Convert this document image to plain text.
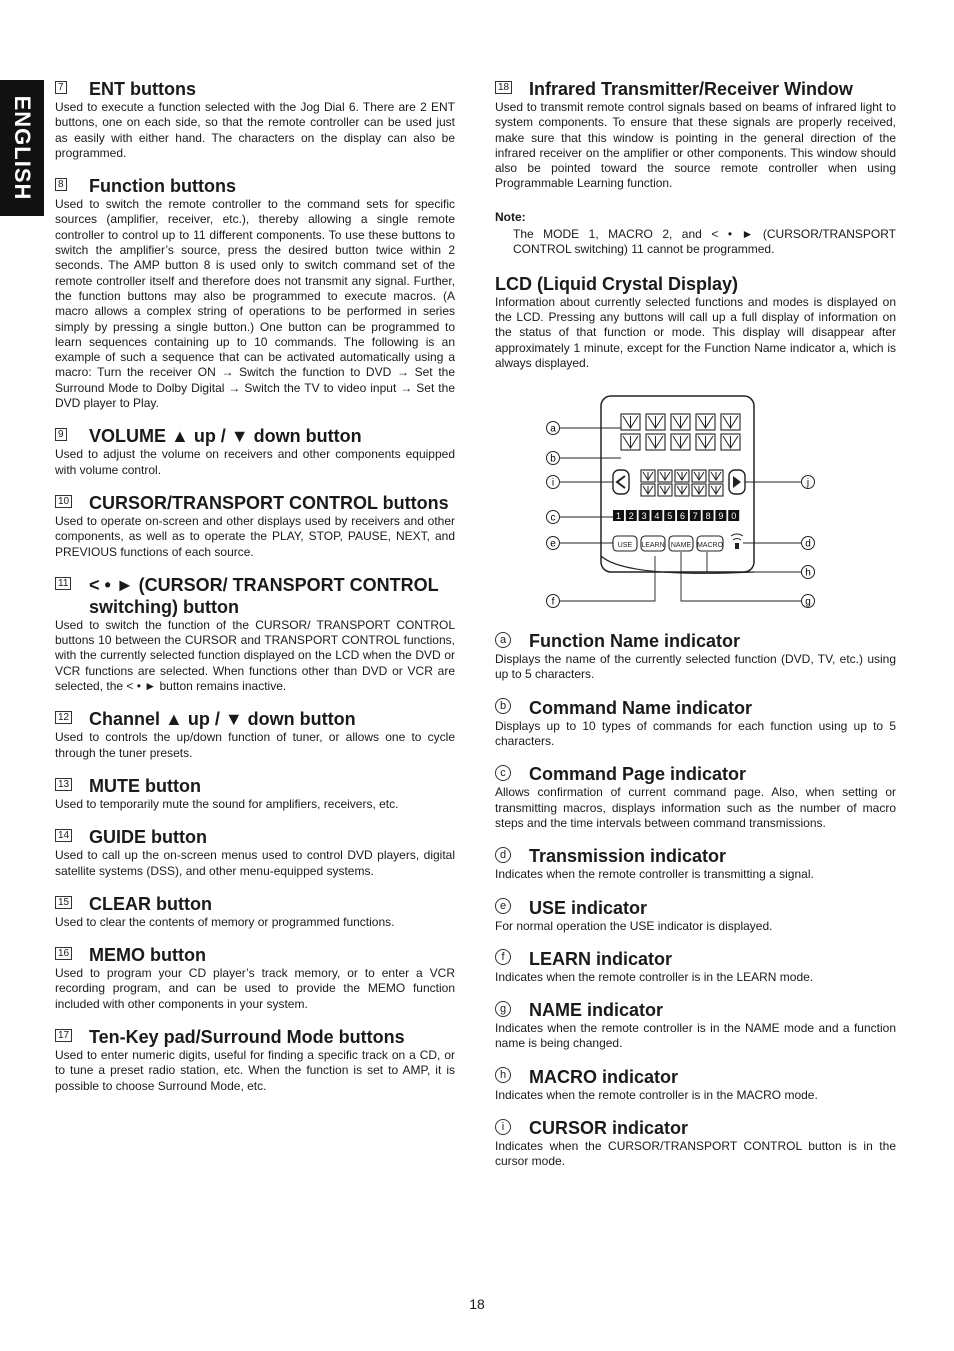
ENGLISH
7	ENT buttons

Used to execute a function selected with the Jog Dial 6. There are 2 ENT buttons, one on each side, so that the remote controller can be used just as easily with either hand. The characters on the display can also be programmed.

8	Function buttons

Used to switch the remote controller to the command sets for specific sources (amplifier, receiver, etc.), thereby allowing a single remote controller to control up to 11 different components. To use these buttons to switch the amplifier’s source, press the desired button twice within 2 seconds. The AMP button 8 is used only to switch command set of the remote controller itself and therefore does not transmit any signal. Further, the function buttons may also be programmed to execute macros. (A macro allows a complex string of operations to be performed in series simply by pressing a single button.) One button can be programmed to learn sequences containing up to 10 commands. The following is an example of such a sequence that can be activated automatically using a macro: Turn the receiver ON → Switch the function to DVD → Set the Surround Mode to Dolby Digital → Switch the TV to video input → Set the DVD player to Play.

9	VOLUME ▲ up / ▼ down button

Used to adjust the volume on receivers and other components equipped with volume control.

10	CURSOR/TRANSPORT CONTROL buttons

Used to operate on-screen and other displays used by receivers and other components, as well as to operate the PLAY, STOP, PAUSE, NEXT, and PREVIOUS functions of each source.

11	< • ► (CURSOR/ TRANSPORT CONTROL switching) button

Used to switch the function of the CURSOR/ TRANSPORT CONTROL buttons 10 between the CURSOR and TRANSPORT CONTROL functions, with the currently selected function displayed on the LCD when the DVD or VCR functions are selected. When functions other than DVD or VCR are selected, the < • ► button remains inactive.

12	Channel ▲ up / ▼ down button

Used to controls the up/down function of tuner, or allows one to cycle through the tuner presets.

13	MUTE button

Used to temporarily mute the sound for amplifiers, receivers, etc.

14	GUIDE button

Used to call up the on-screen menus used to control DVD players, digital satellite systems (DSS), and other menu-equipped systems.

15	CLEAR button

Used to clear the contents of memory or programmed functions.

16	MEMO button

Used to program your CD player’s track memory, or to enter a VCR recording program, and can be used to provide the MEMO function included with other components in your system.

17	Ten-Key pad/Surround Mode buttons

Used to enter numeric digits, useful for finding a specific track on a CD, or to tune a preset radio station, etc. When the function is set to AMP, it is possible to choose Surround Mode, etc.

18	Infrared Transmitter/Receiver Window

Used to transmit remote control signals based on beams of infrared light to system components. To ensure that these signals are properly received, make sure that this window is pointing in the general direction of the infrared receiver on the amplifier or other components. This window should also be pointed toward the source remote controller when using Programmable Learning function.

Note:

The MODE 1, MACRO 2, and < • ► (CURSOR/TRANSPORT CONTROL switching) 11 cannot be programmed.

LCD (Liquid Crystal Display)

Information about currently selected functions and modes is displayed on the LCD. Pressing any buttons will call up a full display of information on the status of that function or mode. This display will disappear after approximately 1 minute, except for the Function Name indicator a, which is always displayed.

a	Function Name indicator

Displays the name of the currently selected function (DVD, TV, etc.) using up to 5 characters.

b	Command Name indicator

Displays up to 10 types of commands for each function using up to 5 characters.

c	Command Page indicator

Allows confirmation of current command page. Also, when setting or transmitting macros, displays information such as the number of macro steps and the time intervals between command transmissions.

d	Transmission indicator

Indicates when the remote controller is transmitting a signal.

e	USE indicator

For normal operation the USE indicator is displayed.

f	LEARN indicator

Indicates when the remote controller is in the LEARN mode.

g	NAME indicator

Indicates when the remote controller is in the NAME mode and a function name is being changed.

h	MACRO indicator

Indicates when the remote controller is in the MACRO mode.

i	CURSOR indicator

Indicates when the CURSOR/TRANSPORT CONTROL button is in the cursor mode.

1 2 3 4 5 6 7 8 9 0
USE LEARN NAME MACRO
a
b
i
c
e
f
j
d
h
g
18
